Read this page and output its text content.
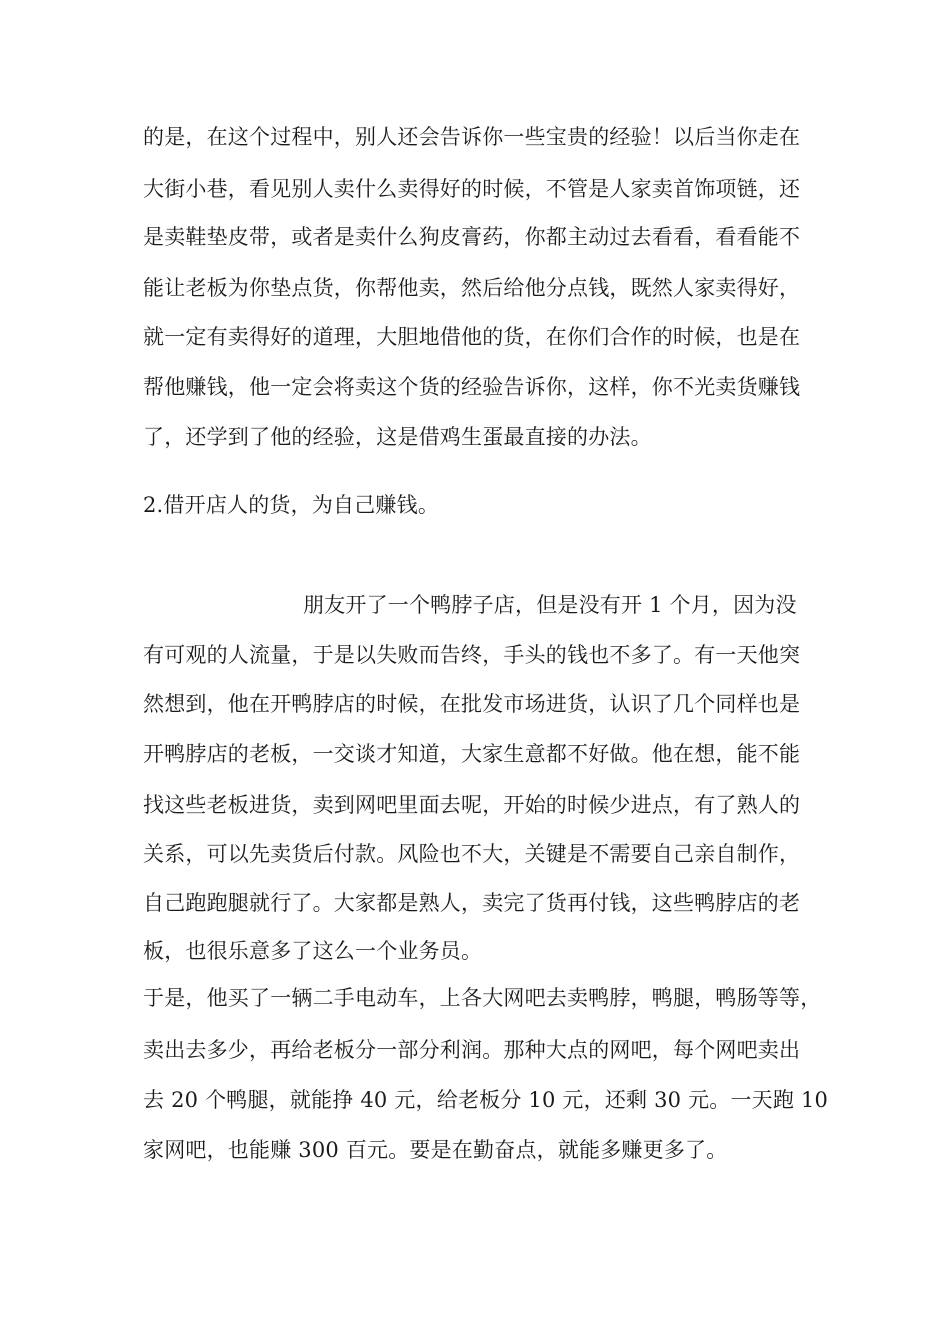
的是，在这个过程中，别人还会告诉你一些宝贵的经验！以后当你走在
大街小巷，看见别人卖什么卖得好的时候，不管是人家卖首饰项链，还
是卖鞋垫皮带，或者是卖什么狗皮膏药，你都主动过去看看，看看能不
能让老板为你垫点货，你帮他卖，然后给他分点钱，既然人家卖得好，
就一定有卖得好的道理，大胆地借他的货，在你们合作的时候，也是在
帮他赚钱，他一定会将卖这个货的经验告诉你，这样，你不光卖货赚钱
了，还学到了他的经验，这是借鸡生蛋最直接的办法。
2.借开店人的货，为自己赚钱。
朋友开了一个鸭脖子店，但是没有开 1 个月，因为没
有可观的人流量，于是以失败而告终，手头的钱也不多了。有一天他突
然想到，他在开鸭脖店的时候，在批发市场进货，认识了几个同样也是
开鸭脖店的老板，一交谈才知道，大家生意都不好做。他在想，能不能
找这些老板进货，卖到网吧里面去呢，开始的时候少进点，有了熟人的
关系，可以先卖货后付款。风险也不大，关键是不需要自己亲自制作，
自己跑跑腿就行了。大家都是熟人，卖完了货再付钱，这些鸭脖店的老
板，也很乐意多了这么一个业务员。
于是，他买了一辆二手电动车，上各大网吧去卖鸭脖，鸭腿，鸭肠等等，
卖出去多少，再给老板分一部分利润。那种大点的网吧，每个网吧卖出
去 20 个鸭腿，就能挣 40 元，给老板分 10 元，还剩 30 元。一天跑 10
家网吧，也能赚 300 百元。要是在勤奋点，就能多赚更多了。
